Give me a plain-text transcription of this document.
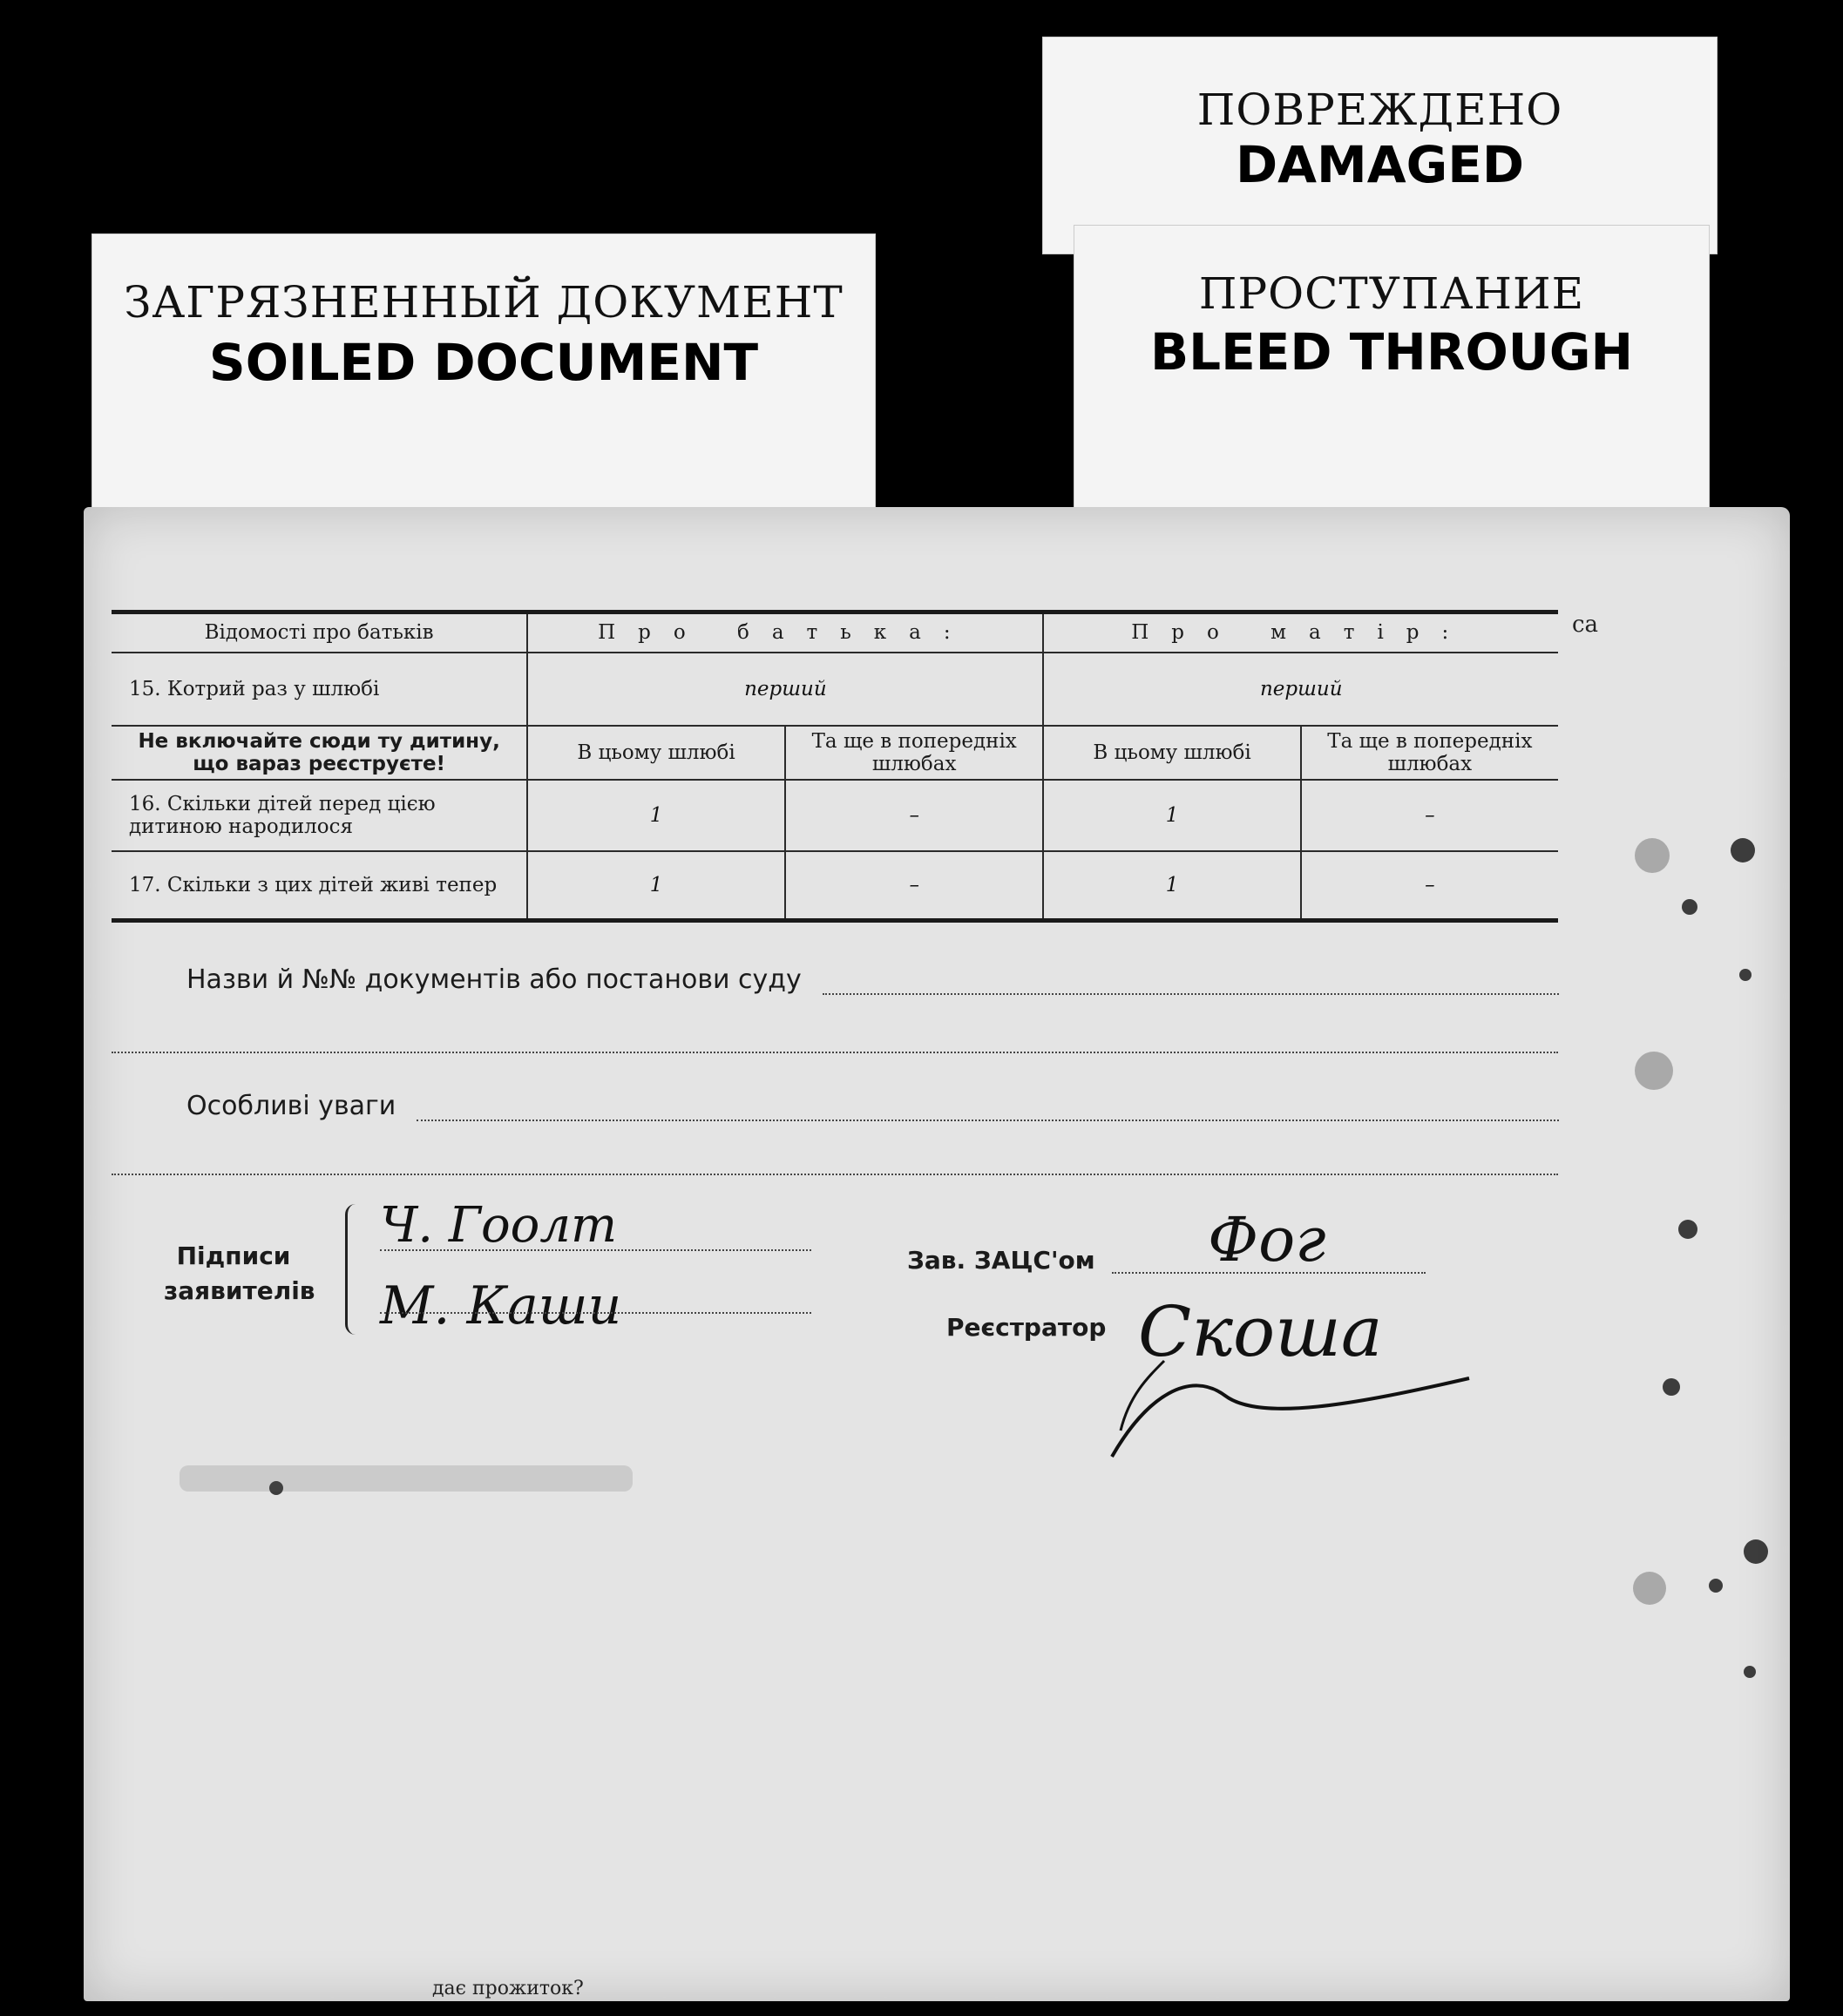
ЗАГРЯЗНЕННЫЙ ДОКУМЕНТ
SOILED DOCUMENT
ПОВРЕЖДЕНО
DAMAGED
ПРОСТУПАНИЕ
BLEED THROUGH
Відомості про батьків	Про батька:		Про матір:	
15. Котрий раз у шлюбі	перший		перший	
Не включайте сюди ту дитину, що вараз реєструєте!	В цьому шлюбі	Та ще в попередніх шлюбах	В цьому шлюбі	Та ще в попередніх шлюбах
16. Скільки дітей перед цією дитиною народилося	1	–	1	–
17. Скільки з цих дітей живі тепер	1	–	1	–
са
Назви й №№ документів або постанови суду
Особливі уваги
Підписи
заявителів
Ч. Гоолт
М. Каши
Зав. ЗАЦС'ом Фог
Реєстратор Скоша
дає прожиток?
